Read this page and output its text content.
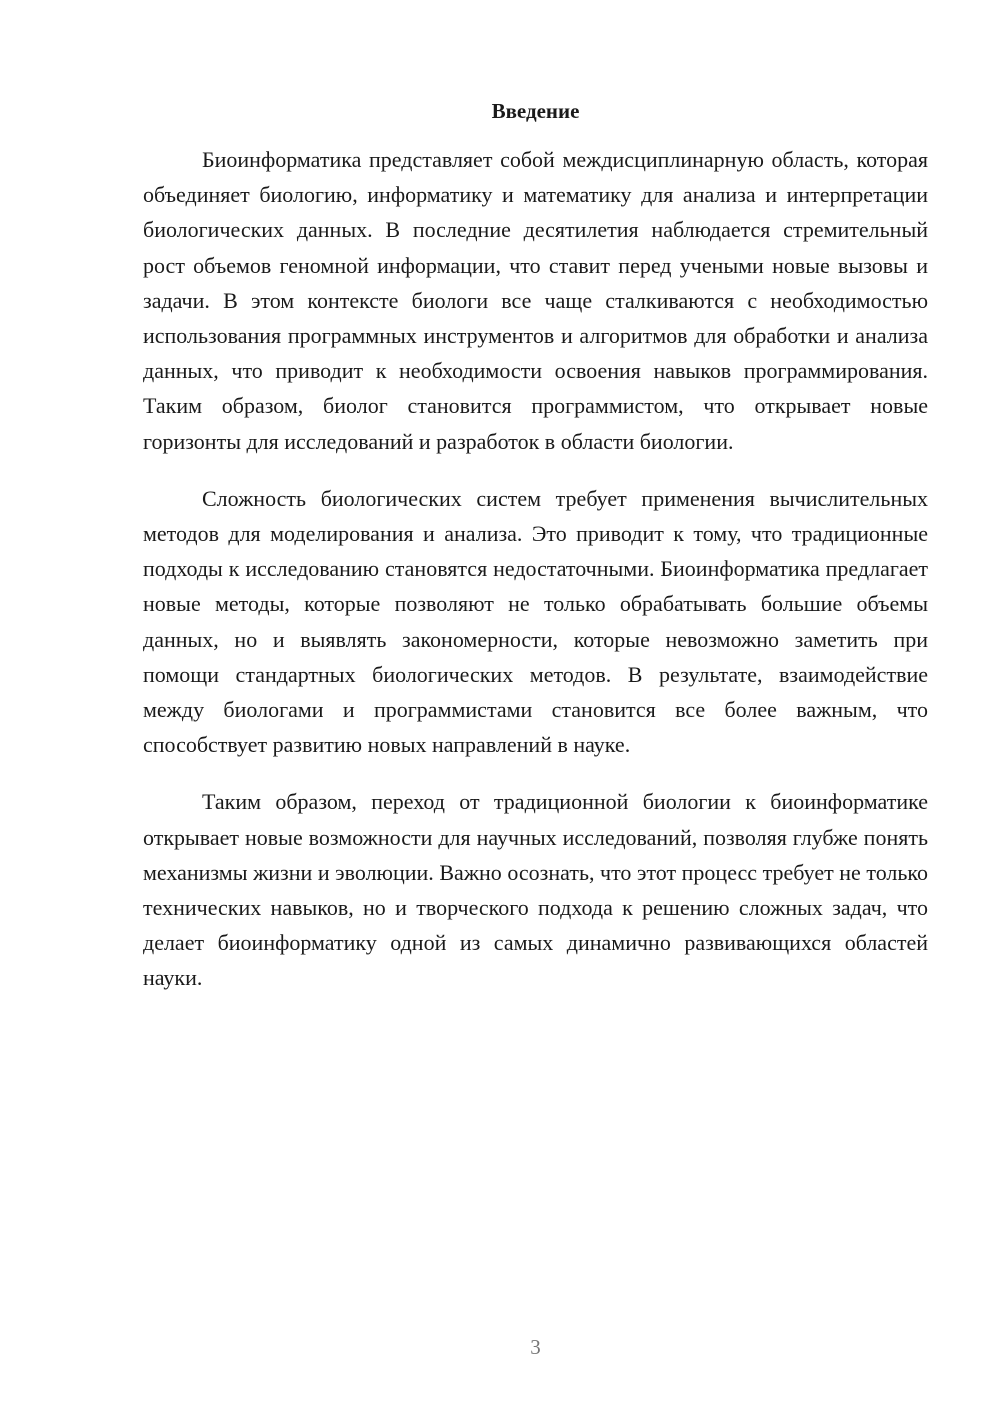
Введение

Биоинформатика представляет собой междисциплинарную область, которая объединяет биологию, информатику и математику для анализа и интерпретации биологических данных. В последние десятилетия наблюдается стремительный рост объемов геномной информации, что ставит перед учеными новые вызовы и задачи. В этом контексте биологи все чаще сталкиваются с необходимостью использования программных инструментов и алгоритмов для обработки и анализа данных, что приводит к необходимости освоения навыков программирования. Таким образом, биолог становится программистом, что открывает новые горизонты для исследований и разработок в области биологии.

Сложность биологических систем требует применения вычислительных методов для моделирования и анализа. Это приводит к тому, что традиционные подходы к исследованию становятся недостаточными. Биоинформатика предлагает новые методы, которые позволяют не только обрабатывать большие объемы данных, но и выявлять закономерности, которые невозможно заметить при помощи стандартных биологических методов. В результате, взаимодействие между биологами и программистами становится все более важным, что способствует развитию новых направлений в науке.

Таким образом, переход от традиционной биологии к биоинформатике открывает новые возможности для научных исследований, позволяя глубже понять механизмы жизни и эволюции. Важно осознать, что этот процесс требует не только технических навыков, но и творческого подхода к решению сложных задач, что делает биоинформатику одной из самых динамично развивающихся областей науки.

3
